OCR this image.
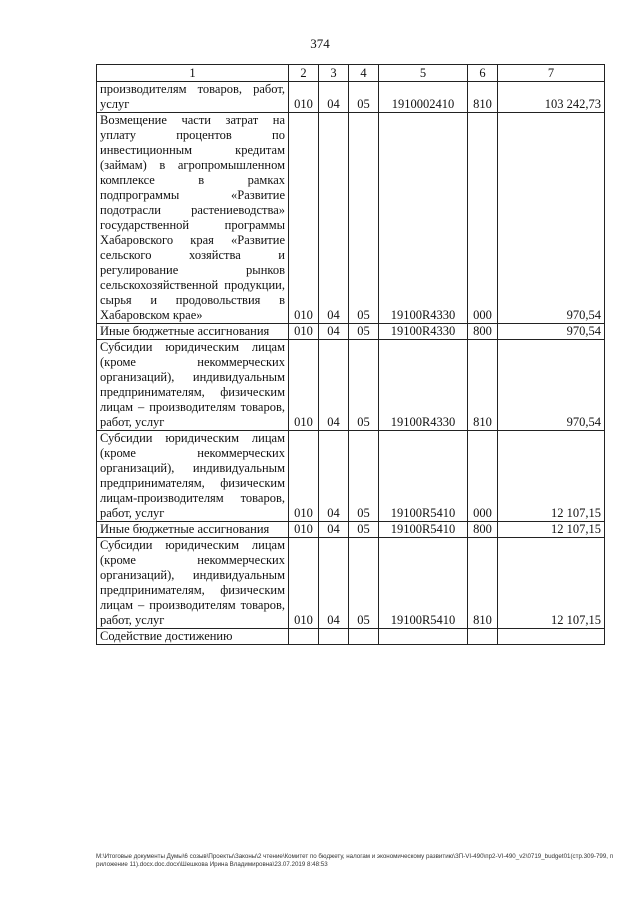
374
1	2	3	4	5	6	7
производителям товаров, работ, услуг	010	04	05	1910002410	810	103 242,73
Возмещение части затрат на уплату процентов по инвестиционным кредитам (займам) в агропромышленном комплексе в рамках подпрограммы «Развитие подотрасли растениеводства» государственной программы Хабаровского края «Развитие сельского хозяйства и регулирование рынков сельскохозяйственной продукции, сырья и продовольствия в Хабаровском крае»	010	04	05	19100R4330	000	970,54
Иные бюджетные ассигнования	010	04	05	19100R4330	800	970,54
Субсидии юридическим лицам (кроме некоммерческих организаций), индивидуальным предпринимателям, физическим лицам – производителям товаров, работ, услуг	010	04	05	19100R4330	810	970,54
Субсидии юридическим лицам (кроме некоммерческих организаций), индивидуальным предпринимателям, физическим лицам-производителям товаров, работ, услуг	010	04	05	19100R5410	000	12 107,15
Иные бюджетные ассигнования	010	04	05	19100R5410	800	12 107,15
Субсидии юридическим лицам (кроме некоммерческих организаций), индивидуальным предпринимателям, физическим лицам – производителям товаров, работ, услуг	010	04	05	19100R5410	810	12 107,15
Содействие достижению						
M:\Итоговые документы Думы\6 созыв\Проекты\Законы\2 чтение\Комитет по бюджету, налогам и экономическому развитию\ЗП-VI-490\пр2-VI-490_v2\0719_budget01(стр.309-799, приложение 11).docx.doc.docx\Шешкова Ирина Владимировна\23.07.2019 8:48:53
